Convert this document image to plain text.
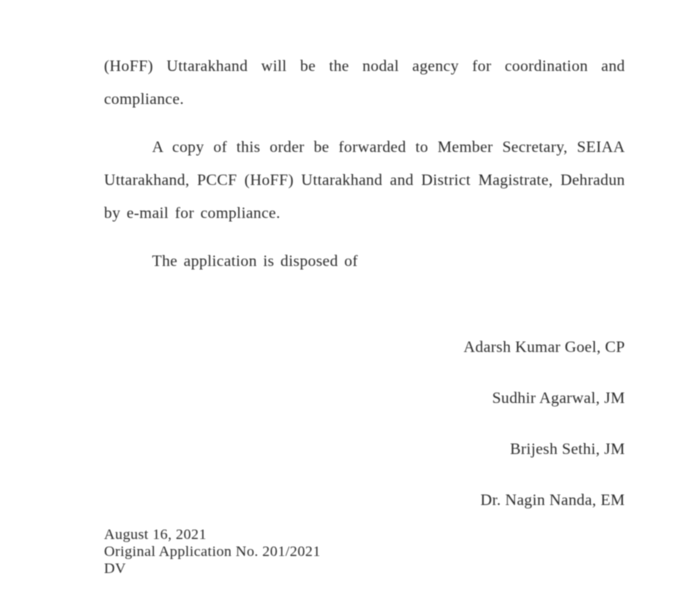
(HoFF) Uttarakhand will be the nodal agency for coordination and compliance.

A copy of this order be forwarded to Member Secretary, SEIAA Uttarakhand, PCCF (HoFF) Uttarakhand and District Magistrate, Dehradun by e-mail for compliance.

The application is disposed of

Adarsh Kumar Goel, CP
Sudhir Agarwal, JM
Brijesh Sethi, JM
Dr. Nagin Nanda, EM
August 16, 2021
Original Application No. 201/2021
DV
